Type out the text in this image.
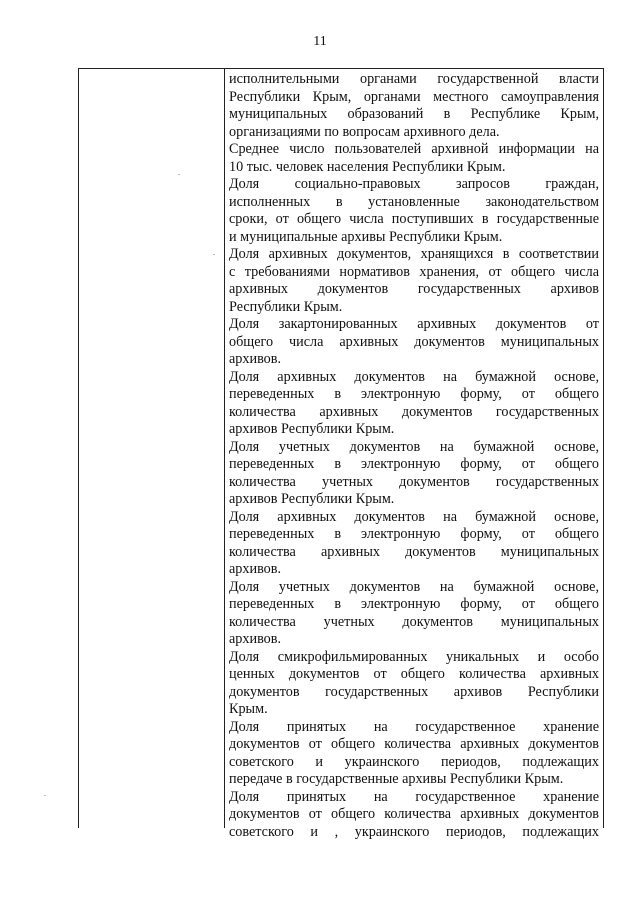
11
.
.
исполнительными органами государственной власти
Республики Крым, органами местного самоуправления
муниципальных образований в Республике Крым,
организациями по вопросам архивного дела.
Среднее число пользователей архивной информации на
10 тыс. человек населения Республики Крым.
Доля социально-правовых запросов граждан,
исполненных в установленные законодательством
сроки, от общего числа поступивших в государственные
и муниципальные архивы Республики Крым.
Доля архивных документов, хранящихся в соответствии
с требованиями нормативов хранения, от общего числа
архивных документов государственных архивов
Республики Крым.
Доля закартонированных архивных документов от
общего числа архивных документов муниципальных
архивов.
Доля архивных документов на бумажной основе,
переведенных в электронную форму, от общего
количества архивных документов государственных
архивов Республики Крым.
Доля учетных документов на бумажной основе,
переведенных в электронную форму, от общего
количества учетных документов государственных
архивов Республики Крым.
Доля архивных документов на бумажной основе,
переведенных в электронную форму, от общего
количества архивных документов муниципальных
архивов.
Доля учетных документов на бумажной основе,
переведенных в электронную форму, от общего
количества учетных документов муниципальных
архивов.
Доля смикрофильмированных уникальных и особо
ценных документов от общего количества архивных
документов государственных архивов Республики
Крым.
Доля принятых на государственное хранение
документов от общего количества архивных документов
советского и украинского периодов, подлежащих
передаче в государственные архивы Республики Крым.
Доля принятых на государственное хранение
документов от общего количества архивных документов
советского и , украинского периодов, подлежащих
.
